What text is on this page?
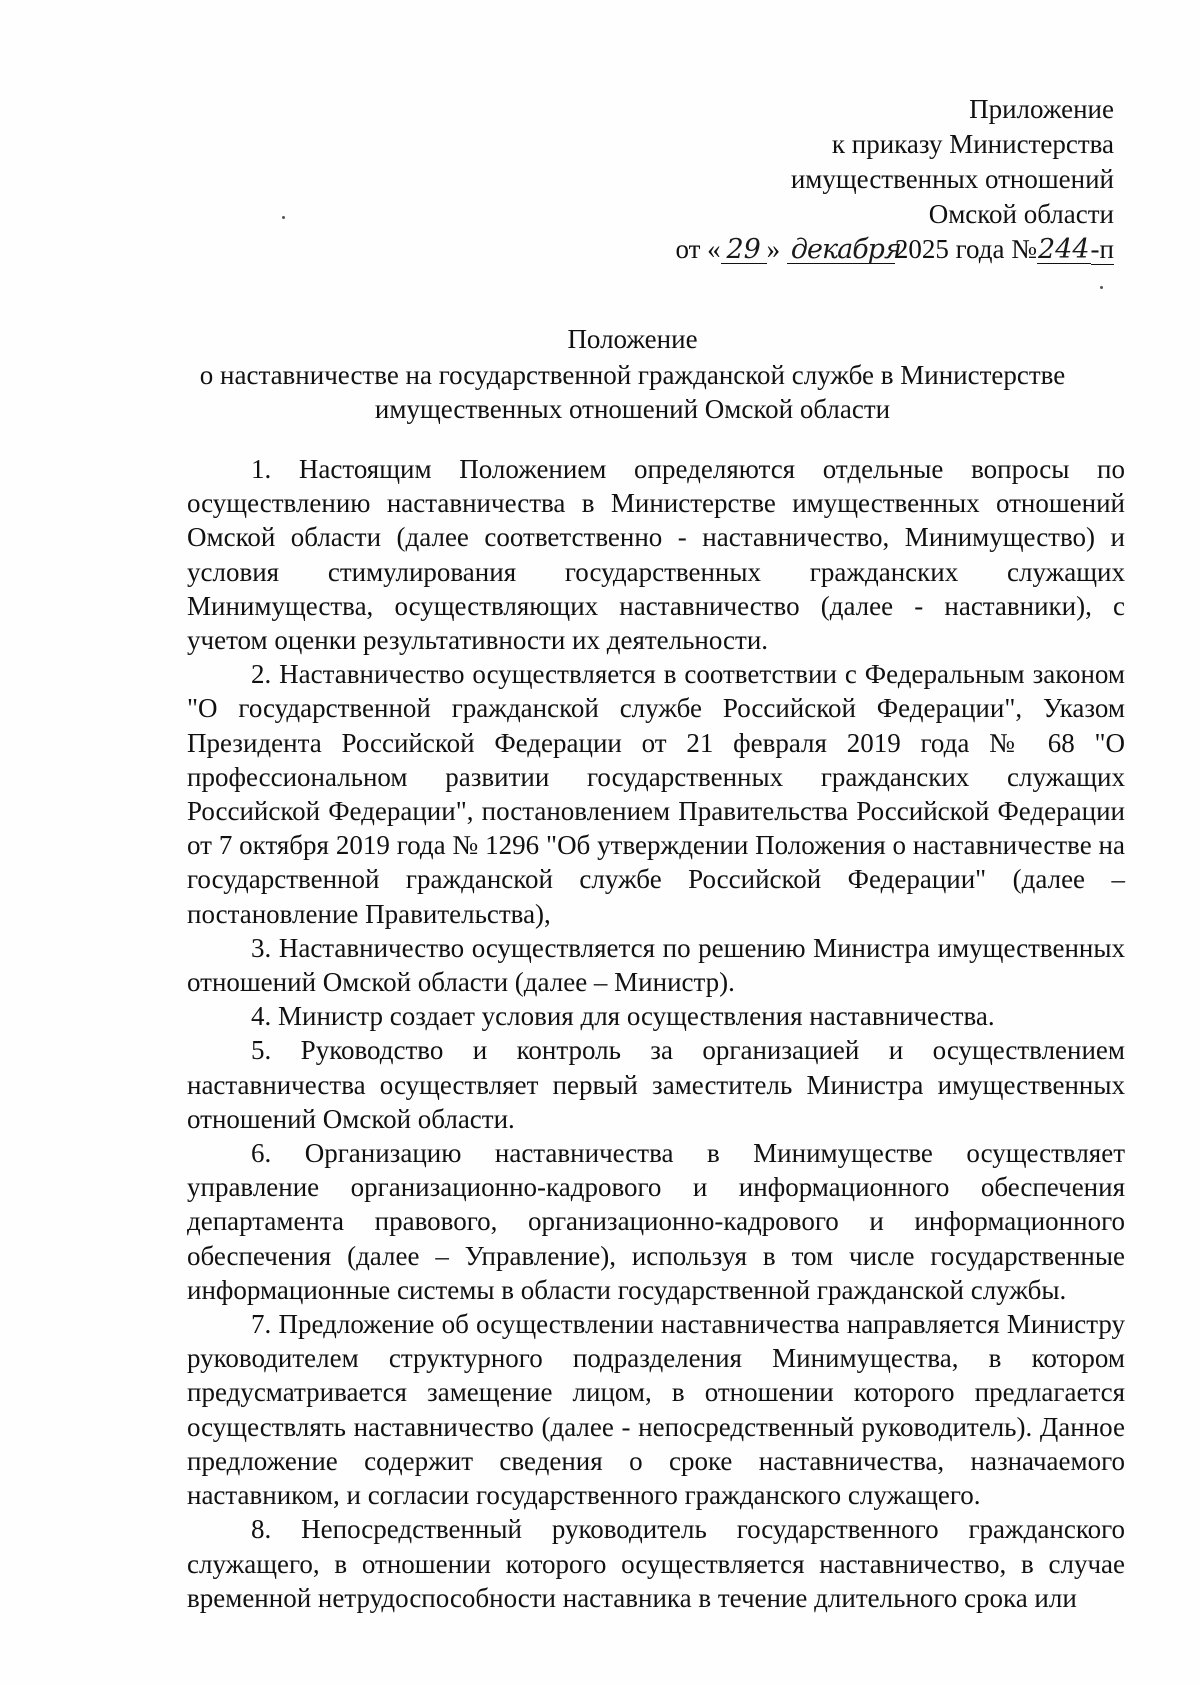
Приложение
к приказу Министерства
имущественных отношений
Омской области
от « 29 » декабря2025 года №244-п
Положение
о наставничестве на государственной гражданской службе в Министерстве имущественных отношений Омской области

1. Настоящим Положением определяются отдельные вопросы по осуществлению наставничества в Министерстве имущественных отношений Омской области (далее соответственно - наставничество, Минимущество) и условия стимулирования государственных гражданских служащих Минимущества, осуществляющих наставничество (далее - наставники), с учетом оценки результативности их деятельности.

2. Наставничество осуществляется в соответствии с Федеральным законом "О государственной гражданской службе Российской Федерации", Указом Президента Российской Федерации от 21 февраля 2019 года № 68 "О профессиональном развитии государственных гражданских служащих Российской Федерации", постановлением Правительства Российской Федерации от 7 октября 2019 года № 1296 "Об утверждении Положения о наставничестве на государственной гражданской службе Российской Федерации" (далее – постановление Правительства),

3. Наставничество осуществляется по решению Министра имущественных отношений Омской области (далее – Министр).

4. Министр создает условия для осуществления наставничества.

5. Руководство и контроль за организацией и осуществлением наставничества осуществляет первый заместитель Министра имущественных отношений Омской области.

6. Организацию наставничества в Минимуществе осуществляет управление организационно-кадрового и информационного обеспечения департамента правового, организационно-кадрового и информационного обеспечения (далее – Управление), используя в том числе государственные информационные системы в области государственной гражданской службы.

7. Предложение об осуществлении наставничества направляется Министру руководителем структурного подразделения Минимущества, в котором предусматривается замещение лицом, в отношении которого предлагается осуществлять наставничество (далее - непосредственный руководитель). Данное предложение содержит сведения о сроке наставничества, назначаемого наставником, и согласии государственного гражданского служащего.

8. Непосредственный руководитель государственного гражданского служащего, в отношении которого осуществляется наставничество, в случае временной нетрудоспособности наставника в течение длительного срока или
